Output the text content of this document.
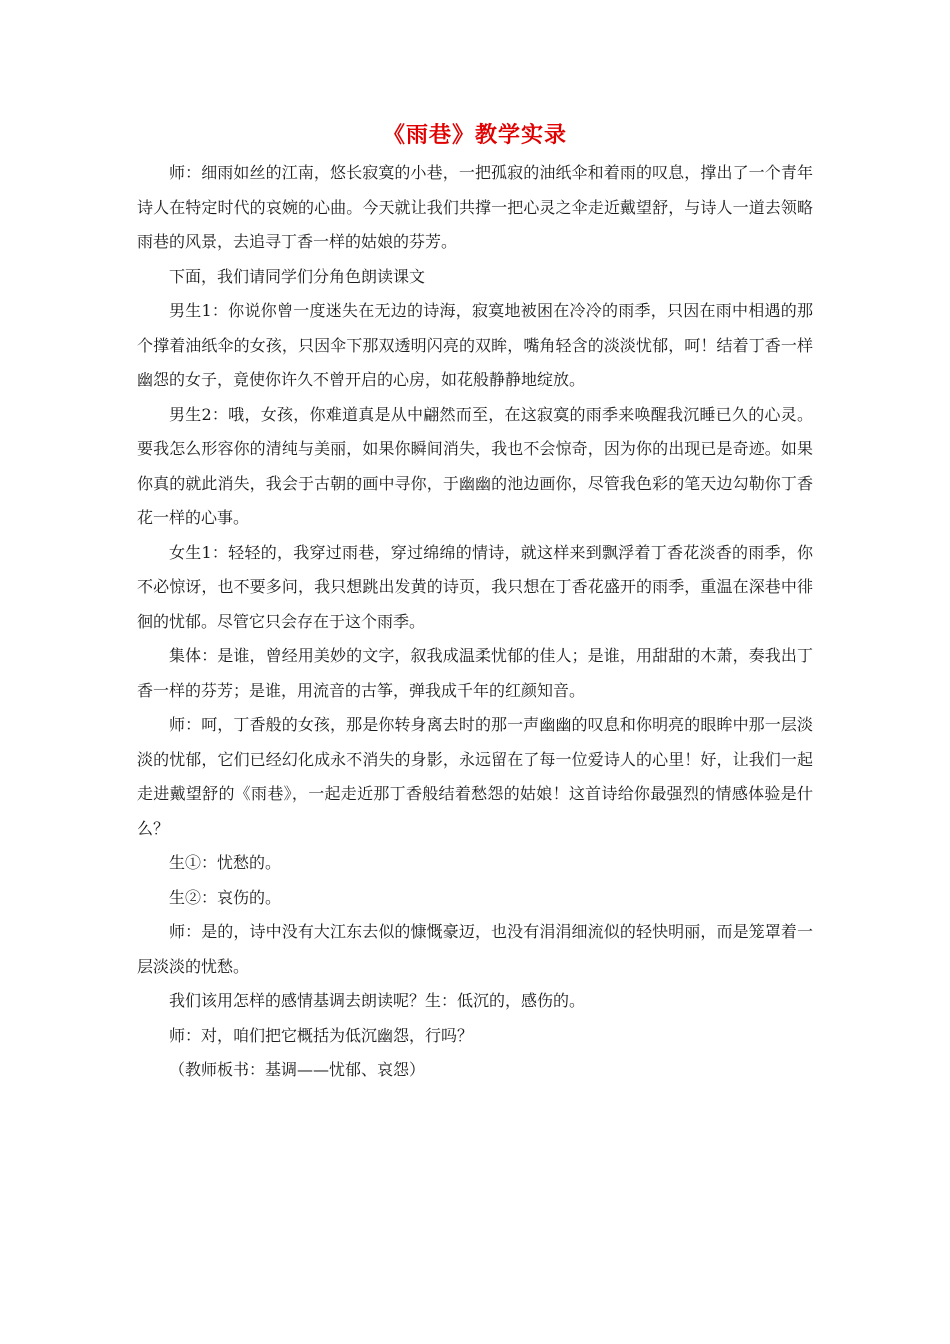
《雨巷》教学实录

师：细雨如丝的江南，悠长寂寞的小巷，一把孤寂的油纸伞和着雨的叹息，撑出了一个青年诗人在特定时代的哀婉的心曲。今天就让我们共撑一把心灵之伞走近戴望舒，与诗人一道去领略雨巷的风景，去追寻丁香一样的姑娘的芬芳。

下面，我们请同学们分角色朗读课文

男生1：你说你曾一度迷失在无边的诗海，寂寞地被困在冷冷的雨季，只因在雨中相遇的那个撑着油纸伞的女孩，只因伞下那双透明闪亮的双眸，嘴角轻含的淡淡忧郁，呵！结着丁香一样幽怨的女子，竟使你许久不曾开启的心房，如花般静静地绽放。

男生2：哦，女孩，你难道真是从中翩然而至，在这寂寞的雨季来唤醒我沉睡已久的心灵。要我怎么形容你的清纯与美丽，如果你瞬间消失，我也不会惊奇，因为你的出现已是奇迹。如果你真的就此消失，我会于古朝的画中寻你，于幽幽的池边画你，尽管我色彩的笔天边勾勒你丁香花一样的心事。

女生1：轻轻的，我穿过雨巷，穿过绵绵的情诗，就这样来到飘浮着丁香花淡香的雨季，你不必惊讶，也不要多问，我只想跳出发黄的诗页，我只想在丁香花盛开的雨季，重温在深巷中徘徊的忧郁。尽管它只会存在于这个雨季。

集体：是谁，曾经用美妙的文字，叙我成温柔忧郁的佳人；是谁，用甜甜的木萧，奏我出丁香一样的芬芳；是谁，用流音的古筝，弹我成千年的红颜知音。

师：呵，丁香般的女孩，那是你转身离去时的那一声幽幽的叹息和你明亮的眼眸中那一层淡淡的忧郁，它们已经幻化成永不消失的身影，永远留在了每一位爱诗人的心里！好，让我们一起走进戴望舒的《雨巷》，一起走近那丁香般结着愁怨的姑娘！这首诗给你最强烈的情感体验是什么？

生①：忧愁的。

生②：哀伤的。

师：是的，诗中没有大江东去似的慷慨豪迈，也没有涓涓细流似的轻快明丽，而是笼罩着一层淡淡的忧愁。

我们该用怎样的感情基调去朗读呢？生：低沉的，感伤的。

师：对，咱们把它概括为低沉幽怨，行吗？

（教师板书：基调——忧郁、哀怨）
